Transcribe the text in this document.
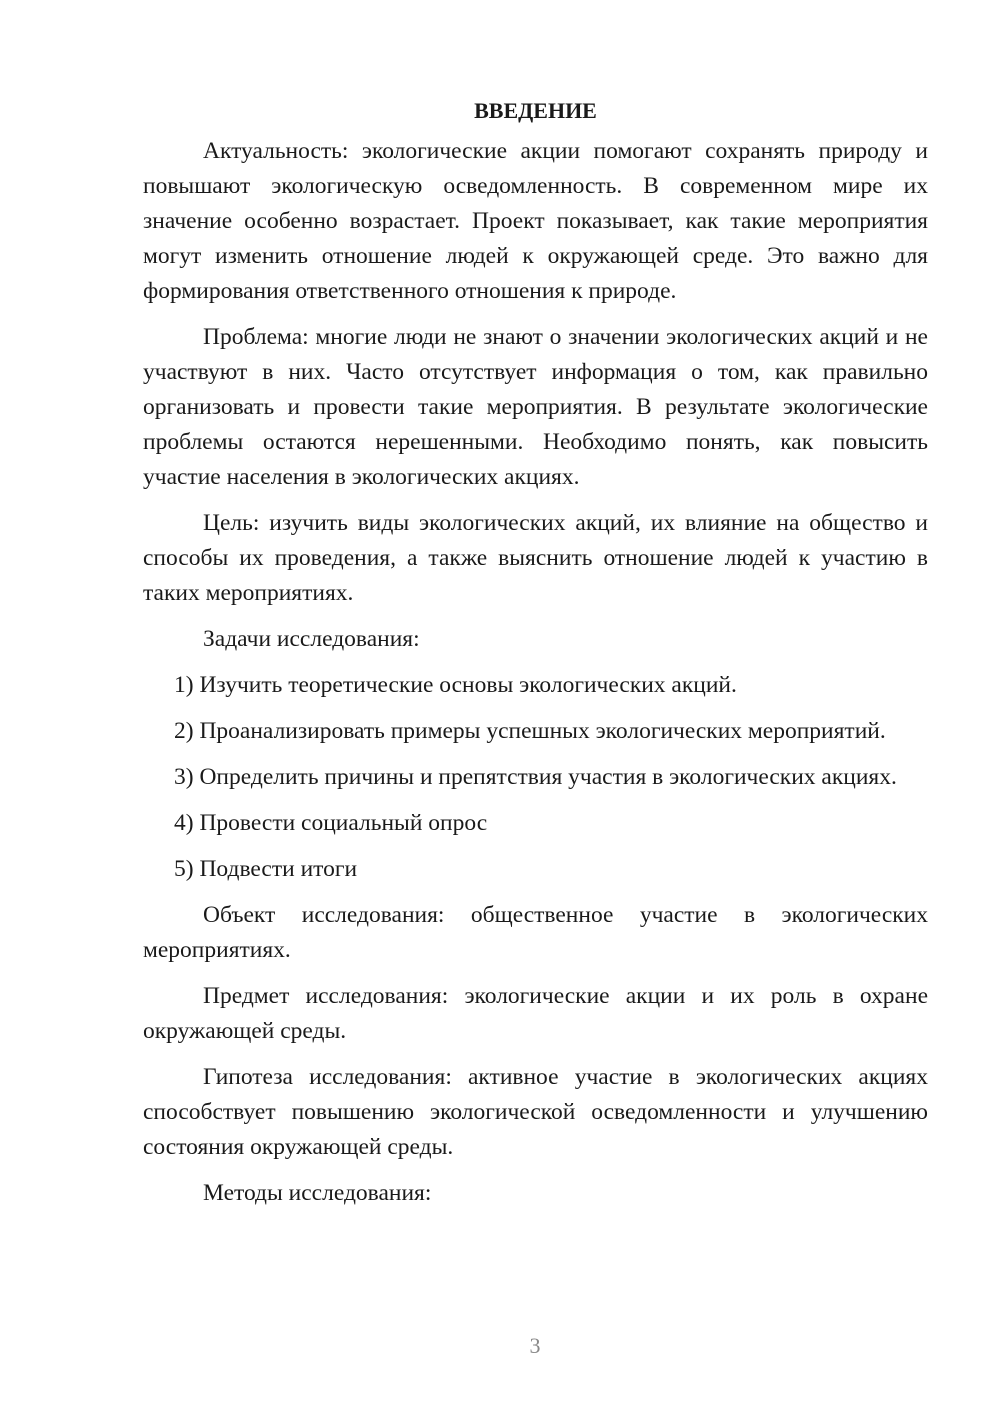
ВВЕДЕНИЕ

Актуальность: экологические акции помогают сохранять природу и повышают экологическую осведомленность. В современном мире их значение особенно возрастает. Проект показывает, как такие мероприятия могут изменить отношение людей к окружающей среде. Это важно для формирования ответственного отношения к природе.

Проблема: многие люди не знают о значении экологических акций и не участвуют в них. Часто отсутствует информация о том, как правильно организовать и провести такие мероприятия. В результате экологические проблемы остаются нерешенными. Необходимо понять, как повысить участие населения в экологических акциях.

Цель: изучить виды экологических акций, их влияние на общество и способы их проведения, а также выяснить отношение людей к участию в таких мероприятиях.

Задачи исследования:

1) Изучить теоретические основы экологических акций.

2) Проанализировать примеры успешных экологических мероприятий.

3) Определить причины и препятствия участия в экологических акциях.

4) Провести социальный опрос

5) Подвести итоги

Объект исследования: общественное участие в экологических мероприятиях.

Предмет исследования: экологические акции и их роль в охране окружающей среды.

Гипотеза исследования: активное участие в экологических акциях способствует повышению экологической осведомленности и улучшению состояния окружающей среды.

Методы исследования:

3
